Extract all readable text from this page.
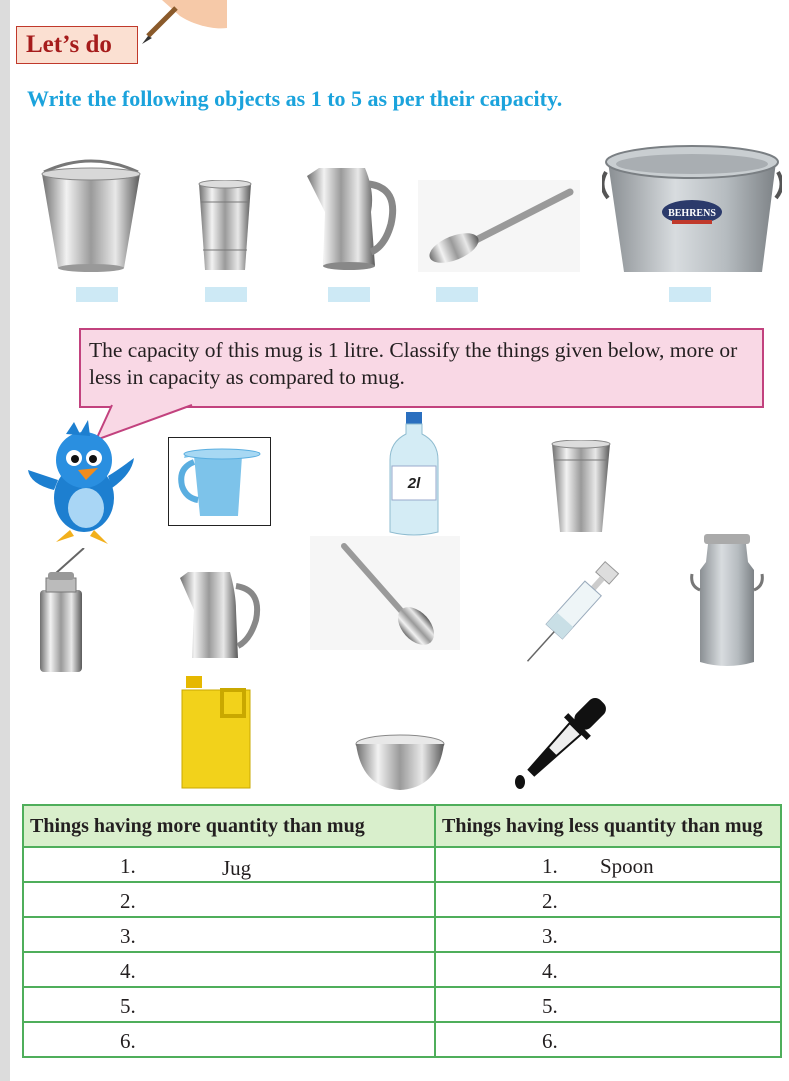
Let’s do
Write the following objects as 1 to 5 as per their capacity.
BEHRENS
The capacity of this mug is 1 litre. Classify the things given below, more or less in capacity as compared to mug.
2l
Things having more quantity than mug	Things having less quantity than mug

1. Jug	1. Spoon

2.	2.

3.	3.

4.	4.

5.	5.

6.	6.
